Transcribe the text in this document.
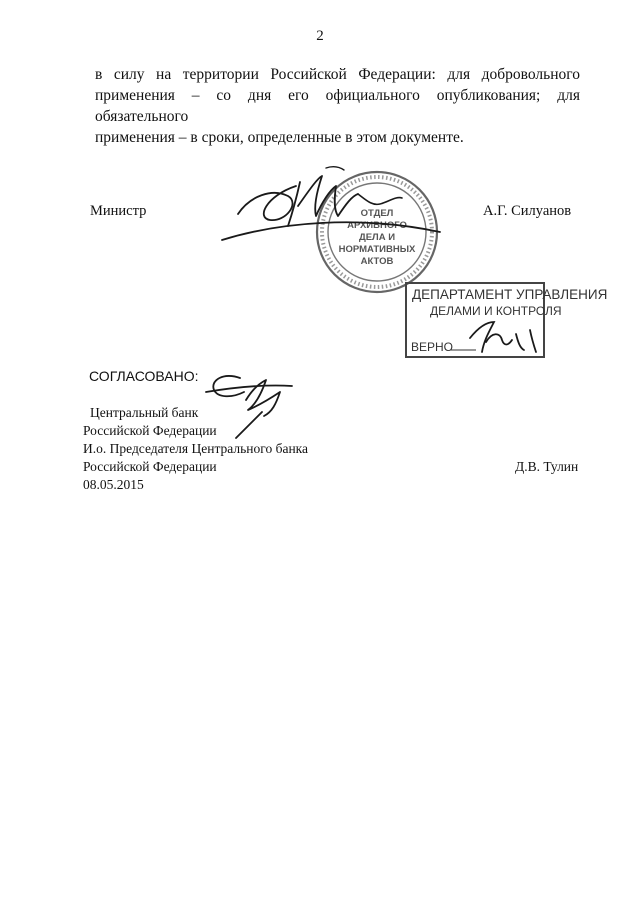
2
в силу на территории Российской Федерации: для добровольного
применения – со дня его официального опубликования; для обязательного
применения – в сроки, определенные в этом документе.
ОТДЕЛ
АРХИВНОГО
ДЕЛА И
НОРМАТИВНЫХ
АКТОВ
ДЕПАРТАМЕНТ УПРАВЛЕНИЯ
ДЕЛАМИ И КОНТРОЛЯ
ВЕРНО
Министр	А.Г. Силуанов
СОГЛАСОВАНО:
Центральный банк
Российской Федерации
И.о. Председателя Центрального банка
Российской Федерации	Д.В. Тулин
08.05.2015
